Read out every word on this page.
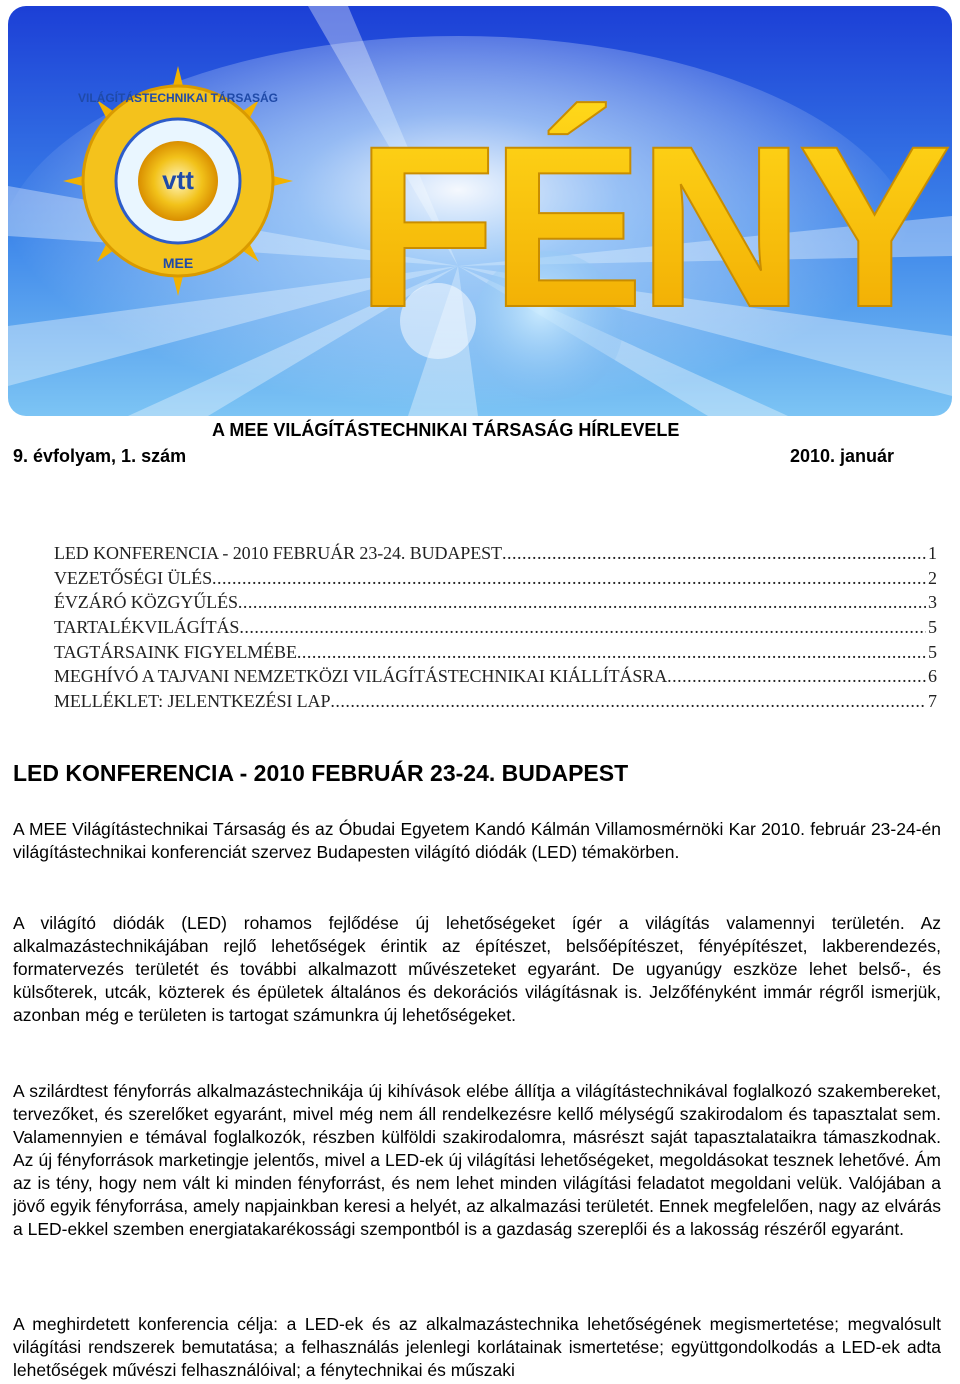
vtt
VILÁGÍTÁSTECHNIKAI TÁRSASÁG
MEE FÉNY
A MEE VILÁGÍTÁSTECHNIKAI TÁRSASÁG HÍRLEVELE
9. évfolyam, 1. szám	2010. január
LED KONFERENCIA - 2010 FEBRUÁR 23-24. BUDAPEST .....	1
VEZETŐSÉGI ÜLÉS .....	2
ÉVZÁRÓ KÖZGYŰLÉS .....	3
TARTALÉKVILÁGÍTÁS .....	5
TAGTÁRSAINK FIGYELMÉBE .....	5
MEGHÍVÓ A TAJVANI NEMZETKÖZI VILÁGÍTÁSTECHNIKAI KIÁLLÍTÁSRA .....	6
MELLÉKLET: JELENTKEZÉSI LAP .....	7
LED KONFERENCIA - 2010 FEBRUÁR 23-24. BUDAPEST
A MEE Világítástechnikai Társaság és az Óbudai Egyetem Kandó Kálmán Villamosmérnöki Kar 2010. február 23-24-én világítástechnikai konferenciát szervez Budapesten világító diódák (LED) témakörben.
A világító diódák (LED) rohamos fejlődése új lehetőségeket ígér a világítás valamennyi területén. Az alkalmazástechnikájában rejlő lehetőségek érintik az építészet, belsőépítészet, fényépítészet, lakberendezés, formatervezés területét és további alkalmazott művészeteket egyaránt. De ugyanúgy eszköze lehet belső-, és külsőterek, utcák, közterek és épületek általános és dekorációs világításnak is. Jelzőfényként immár régről ismerjük, azonban még e területen is tartogat számunkra új lehetőségeket.
A szilárdtest fényforrás alkalmazástechnikája új kihívások elébe állítja a világítástechnikával foglalkozó szakembereket, tervezőket, és szerelőket egyaránt, mivel még nem áll rendelkezésre kellő mélységű szakirodalom és tapasztalat sem. Valamennyien e témával foglalkozók, részben külföldi szakirodalomra, másrészt saját tapasztalataikra támaszkodnak. Az új fényforrások marketingje jelentős, mivel a LED-ek új világítási lehetőségeket, megoldásokat tesznek lehetővé. Ám az is tény, hogy nem vált ki minden fényforrást, és nem lehet minden világítási feladatot megoldani velük. Valójában a jövő egyik fényforrása, amely napjainkban keresi a helyét, az alkalmazási területét. Ennek megfelelően, nagy az elvárás a LED-ekkel szemben energiatakarékossági szempontból is a gazdaság szereplői és a lakosság részéről egyaránt.
A meghirdetett konferencia célja: a LED-ek és az alkalmazástechnika lehetőségének megismertetése; megvalósult világítási rendszerek bemutatása; a felhasználás jelenlegi korlátainak ismertetése; együttgondolkodás a LED-ek adta lehetőségek művészi felhasználóival; a fénytechnikai és műszaki
